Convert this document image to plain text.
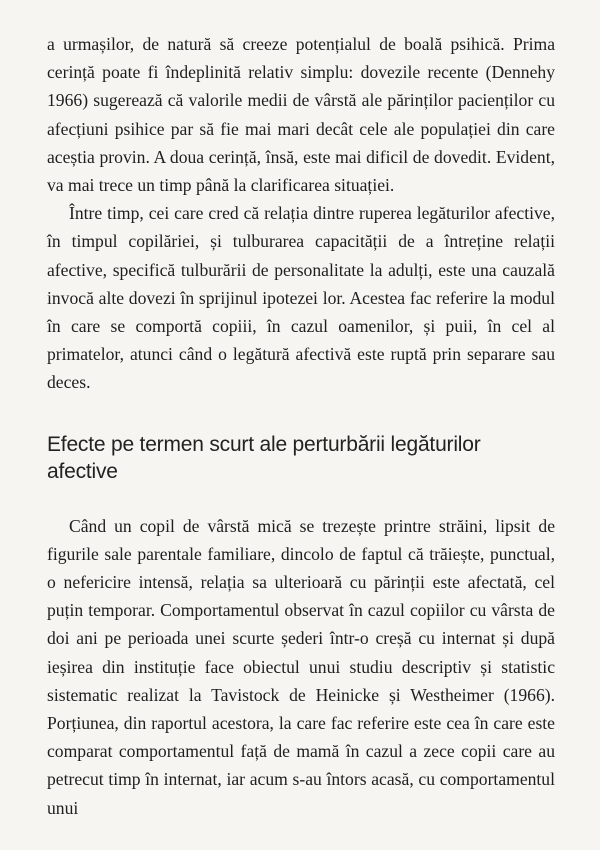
a urmașilor, de natură să creeze potențialul de boală psihică. Prima cerință poate fi îndeplinită relativ simplu: dovezile recente (Dennehy 1966) sugerează că valorile medii de vârstă ale părinților pacienților cu afecțiuni psihice par să fie mai mari decât cele ale populației din care aceștia provin. A doua cerință, însă, este mai dificil de dovedit. Evident, va mai trece un timp până la clarificarea situației.

Între timp, cei care cred că relația dintre ruperea legăturilor afective, în timpul copilăriei, și tulburarea capacității de a întreține relații afective, specifică tulburării de personalitate la adulți, este una cauzală invocă alte dovezi în sprijinul ipotezei lor. Acestea fac referire la modul în care se comportă copiii, în cazul oamenilor, și puii, în cel al primatelor, atunci când o legătură afectivă este ruptă prin separare sau deces.

Efecte pe termen scurt ale perturbării legăturilor afective

Când un copil de vârstă mică se trezește printre străini, lipsit de figurile sale parentale familiare, dincolo de faptul că trăiește, punctual, o nefericire intensă, relația sa ulterioară cu părinții este afectată, cel puțin temporar. Comportamentul observat în cazul copiilor cu vârsta de doi ani pe perioada unei scurte șederi într-o creșă cu internat și după ieșirea din instituție face obiectul unui studiu descriptiv și statistic sistematic realizat la Tavistock de Heinicke și Westheimer (1966). Porțiunea, din raportul acestora, la care fac referire este cea în care este comparat comportamentul față de mamă în cazul a zece copii care au petrecut timp în internat, iar acum s-au întors acasă, cu comportamentul unui
